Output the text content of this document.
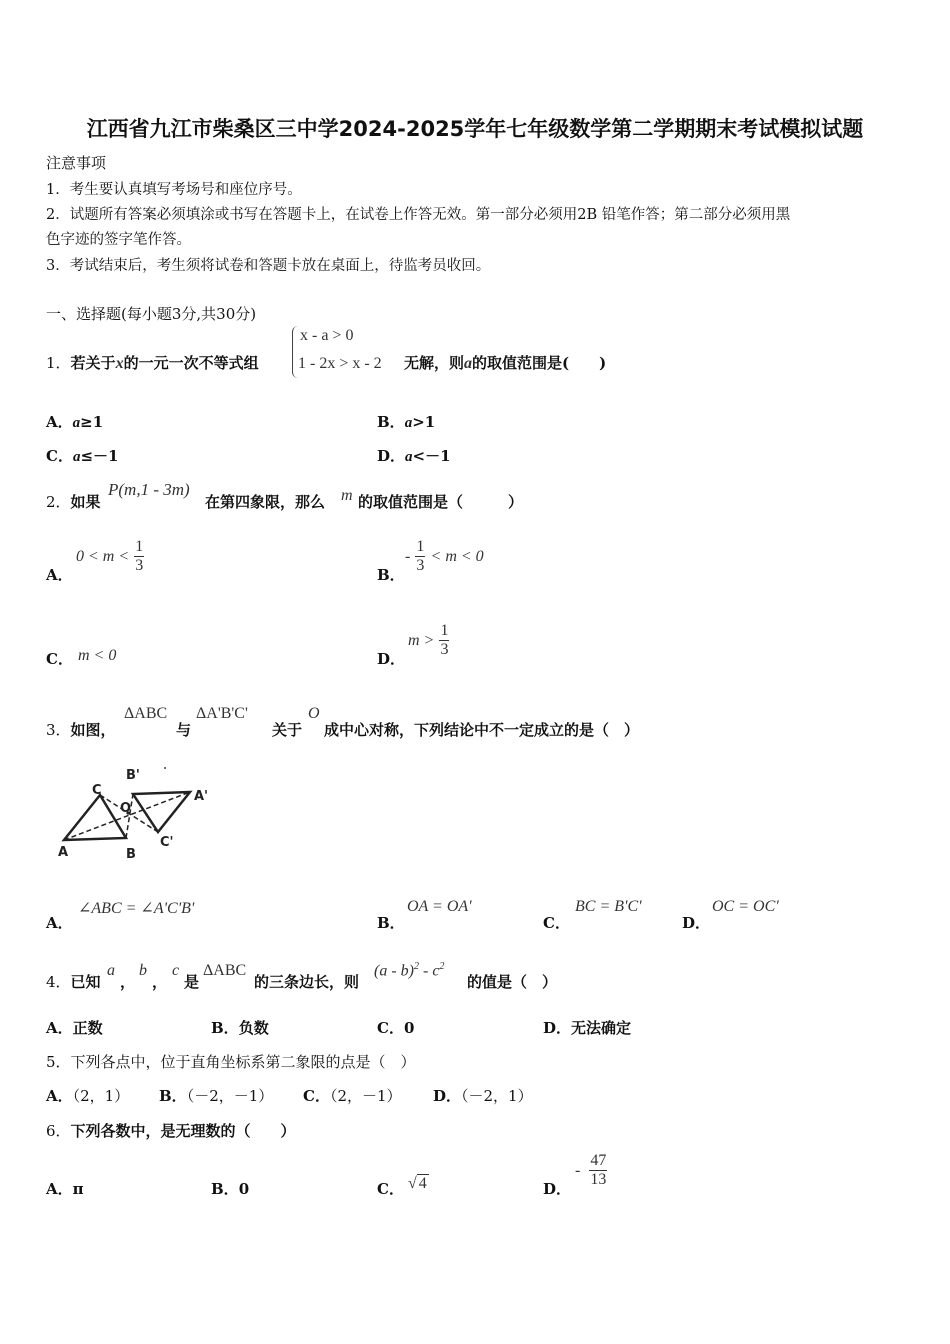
江西省九江市柴桑区三中学2024-2025学年七年级数学第二学期期末考试模拟试题
注意事项
1．考生要认真填写考场号和座位序号。
2．试题所有答案必须填涂或书写在答题卡上，在试卷上作答无效。第一部分必须用2B 铅笔作答；第二部分必须用黑
色字迹的签字笔作答。
3．考试结束后，考生须将试卷和答题卡放在桌面上，待监考员收回。
一、选择题(每小题3分,共30分)
1．若关于x的一元一次不等式组
x - a > 0
1 - 2x > x - 2 无解，则a的取值范围是(　　)
A．a≥1	B．a>1
C．a≤－1	D．a<－1
2．如果
P(m,1 - 3m)
在第四象限，那么 m 的取值范围是（　　　）
A．
$0 < m < \frac{1}{3}$	B．
- $\frac{1}{3} < m < 0$
C． m < 0	D．
$m > \frac{1}{3}$
3．如图，
ΔABC
与
ΔA'B'C'
关于
O
成中心对称，下列结论中不一定成立的是（　）
C
B'
O
A'
A	B
C'
A．
∠ABC = ∠A'C'B'
B．
OA = OA'
C．
BC = B'C'
D．
OC = OC'
4．已知
a
，
b
，
c
是
ΔABC
的三条边长，则
$(a - b)^2 - c^2$
的值是（　）
A．正数	B．负数	C．0	D．无法确定
5．下列各点中，位于直角坐标系第二象限的点是（　）
A．（2，1） B．（－2，－1） C．（2，－1） D．（－2，1）
6．下列各数中，是无理数的（　　）
A．π	B．0	C． √ 4	D．
- $\frac{47}{13}$
